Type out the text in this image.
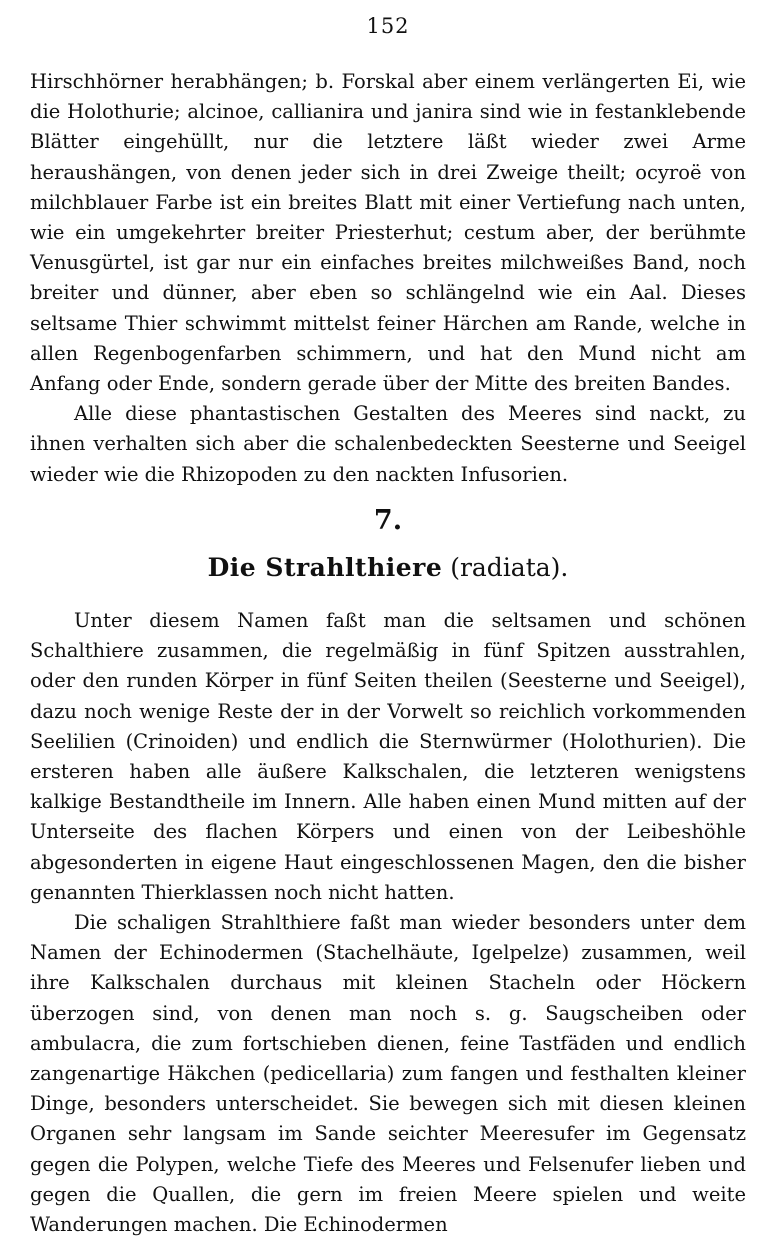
152

Hirschhörner herabhängen; b. Forskal aber einem verlängerten Ei, wie die Holothurie; alcinoe, callianira und janira sind wie in festanklebende Blätter eingehüllt, nur die letztere läßt wieder zwei Arme heraushängen, von denen jeder sich in drei Zweige theilt; ocyroë von milchblauer Farbe ist ein breites Blatt mit einer Vertiefung nach unten, wie ein umgekehrter breiter Priesterhut; cestum aber, der berühmte Venusgürtel, ist gar nur ein einfaches breites milchweißes Band, noch breiter und dünner, aber eben so schlängelnd wie ein Aal. Dieses seltsame Thier schwimmt mittelst feiner Härchen am Rande, welche in allen Regenbogenfarben schimmern, und hat den Mund nicht am Anfang oder Ende, sondern gerade über der Mitte des breiten Bandes.

Alle diese phantastischen Gestalten des Meeres sind nackt, zu ihnen verhalten sich aber die schalenbedeckten Seesterne und Seeigel wieder wie die Rhizopoden zu den nackten Infusorien.

7.
Die Strahlthiere (radiata).

Unter diesem Namen faßt man die seltsamen und schönen Schalthiere zusammen, die regelmäßig in fünf Spitzen ausstrahlen, oder den runden Körper in fünf Seiten theilen (Seesterne und Seeigel), dazu noch wenige Reste der in der Vorwelt so reichlich vorkommenden Seelilien (Crinoiden) und endlich die Sternwürmer (Holothurien). Die ersteren haben alle äußere Kalkschalen, die letzteren wenigstens kalkige Bestandtheile im Innern. Alle haben einen Mund mitten auf der Unterseite des flachen Körpers und einen von der Leibeshöhle abgesonderten in eigene Haut eingeschlossenen Magen, den die bisher genannten Thierklassen noch nicht hatten.

Die schaligen Strahlthiere faßt man wieder besonders unter dem Namen der Echinodermen (Stachelhäute, Igelpelze) zusammen, weil ihre Kalkschalen durchaus mit kleinen Stacheln oder Höckern überzogen sind, von denen man noch s. g. Saugscheiben oder ambulacra, die zum fortschieben dienen, feine Tastfäden und endlich zangenartige Häkchen (pedicellaria) zum fangen und festhalten kleiner Dinge, besonders unterscheidet. Sie bewegen sich mit diesen kleinen Organen sehr langsam im Sande seichter Meeresufer im Gegensatz gegen die Polypen, welche Tiefe des Meeres und Felsenufer lieben und gegen die Quallen, die gern im freien Meere spielen und weite Wanderungen machen. Die Echinodermen
